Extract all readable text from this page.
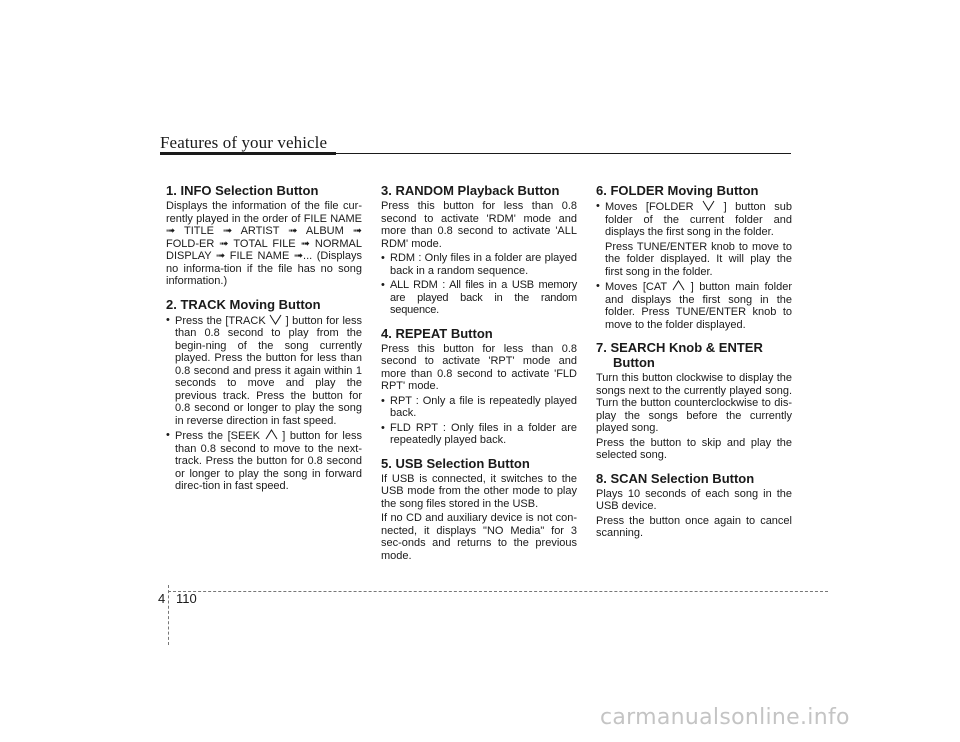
Features of your vehicle
1. INFO Selection Button

Displays the information of the file cur-rently played in the order of FILE NAME ➟ TITLE ➟ ARTIST ➟ ALBUM ➟ FOLD-ER ➟ TOTAL FILE ➟ NORMAL DISPLAY ➟ FILE NAME ➟... (Displays no informa-tion if the file has no song information.)

2. TRACK Moving Button
• Press the [TRACK ] button for less than 0.8 second to play from the begin-ning of the song currently played. Press the button for less than 0.8 second and press it again within 1 seconds to move and play the previous track. Press the button for 0.8 second or longer to play the song in reverse direction in fast speed.
• Press the [SEEK ] button for less than 0.8 second to move to the next-track. Press the button for 0.8 second or longer to play the song in forward direc-tion in fast speed.
3. RANDOM Playback Button

Press this button for less than 0.8 second to activate 'RDM' mode and more than 0.8 second to activate 'ALL RDM' mode.

• RDM : Only files in a folder are played back in a random sequence.
• ALL RDM : All files in a USB memory are played back in the random sequence.
4. REPEAT Button

Press this button for less than 0.8 second to activate 'RPT' mode and more than 0.8 second to activate 'FLD RPT' mode.

• RPT : Only a file is repeatedly played back.
• FLD RPT : Only files in a folder are repeatedly played back.
5. USB Selection Button

If USB is connected, it switches to the USB mode from the other mode to play the song files stored in the USB.

If no CD and auxiliary device is not con-nected, it displays "NO Media" for 3 sec-onds and returns to the previous mode.

6. FOLDER Moving Button
• Moves [FOLDER	] button sub folder of the current folder and displays the first song in the folder.
Press TUNE/ENTER knob to move to the folder displayed. It will play the first song in the folder.
• Moves [CAT ] button main folder and displays the first song in the folder. Press TUNE/ENTER knob to move to the folder displayed.
7. SEARCH Knob & ENTER
Button

Turn this button clockwise to display the songs next to the currently played song. Turn the button counterclockwise to dis-play the songs before the currently played song.

Press the button to skip and play the selected song.

8. SCAN Selection Button

Plays 10 seconds of each song in the USB device.

Press the button once again to cancel scanning.

4 110
carmanualsonline.info
